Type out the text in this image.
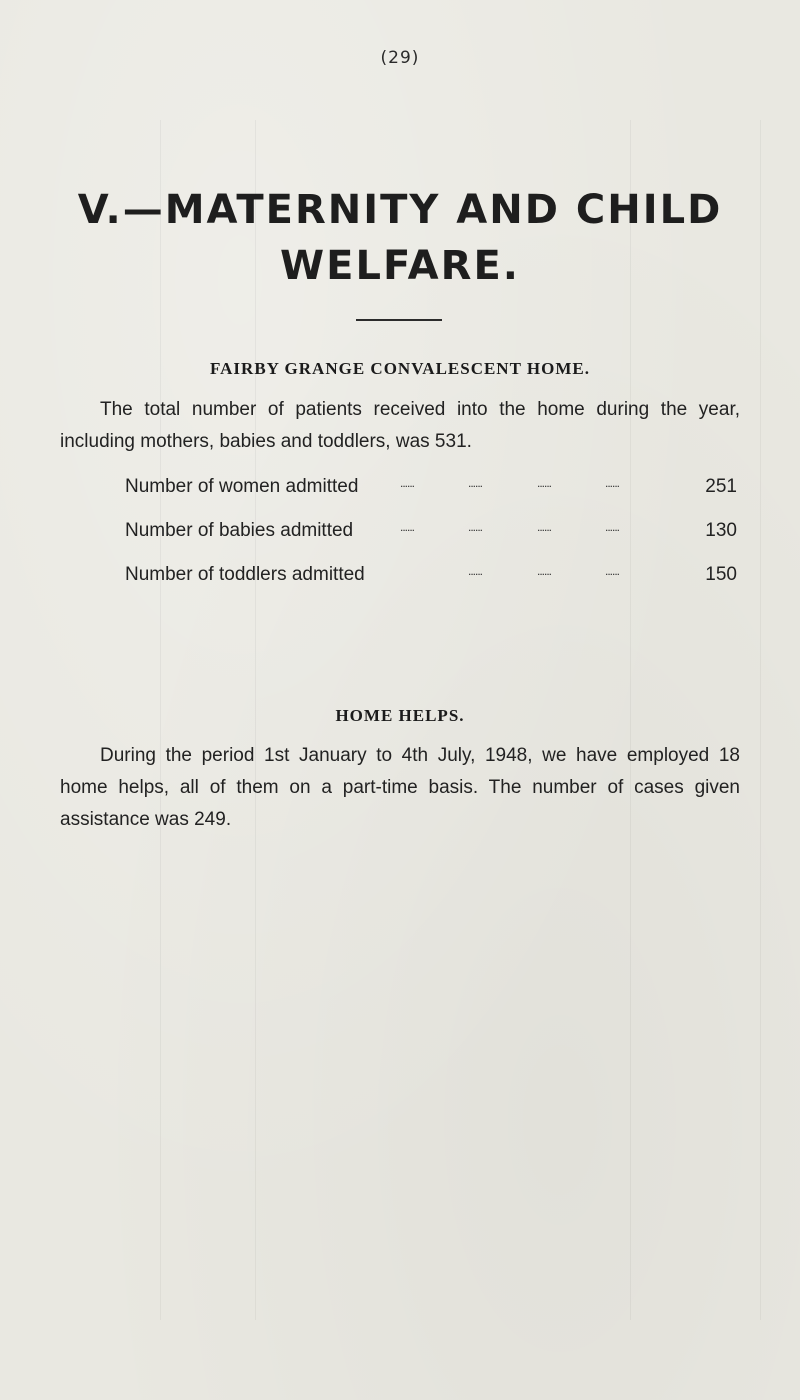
(29)
V.—MATERNITY AND CHILD WELFARE.
FAIRBY GRANGE CONVALESCENT HOME.
The total number of patients received into the home during the year, including mothers, babies and toddlers, was 531.
Number of women admitted	......	......	......	......	251
Number of babies admitted	......	......	......	......	130
Number of toddlers admitted	......	......	......	150
HOME HELPS.
During the period 1st January to 4th July, 1948, we have employed 18 home helps, all of them on a part-time basis. The number of cases given assistance was 249.
